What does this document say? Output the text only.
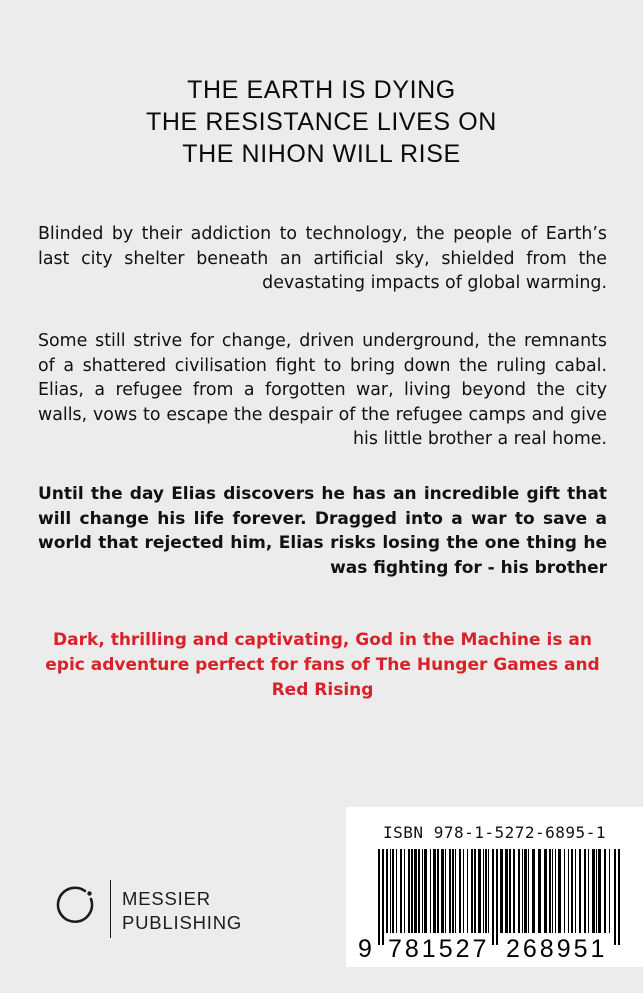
THE EARTH IS DYING
THE RESISTANCE LIVES ON
THE NIHON WILL RISE
Blinded by their addiction to technology, the people of Earth’s last city shelter beneath an artificial sky, shielded from the devastating impacts of global warming.
Some still strive for change, driven underground, the remnants of a shattered civilisation fight to bring down the ruling cabal. Elias, a refugee from a forgotten war, living beyond the city walls, vows to escape the despair of the refugee camps and give his little brother a real home.
Until the day Elias discovers he has an incredible gift that will change his life forever. Dragged into a war to save a world that rejected him, Elias risks losing the one thing he was fighting for - his brother
Dark, thrilling and captivating, God in the Machine is an epic adventure perfect for fans of The Hunger Games and Red Rising
MESSIER
PUBLISHING
ISBN 978-1-5272-6895-1
9 781527 268951
